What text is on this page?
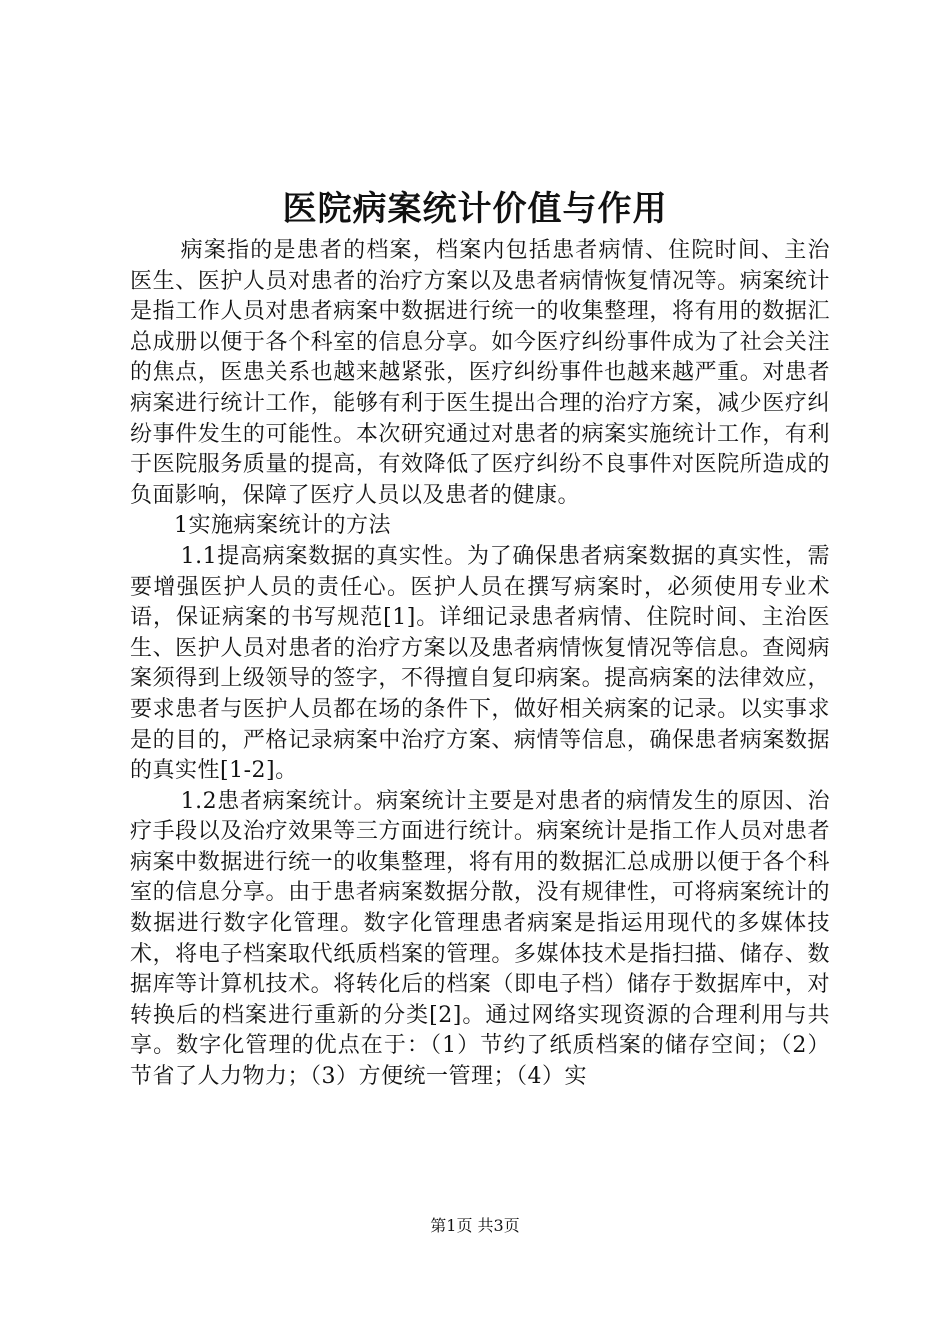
医院病案统计价值与作用

病案指的是患者的档案，档案内包括患者病情、住院时间、主治医生、医护人员对患者的治疗方案以及患者病情恢复情况等。病案统计是指工作人员对患者病案中数据进行统一的收集整理，将有用的数据汇总成册以便于各个科室的信息分享。如今医疗纠纷事件成为了社会关注的焦点，医患关系也越来越紧张，医疗纠纷事件也越来越严重。对患者病案进行统计工作，能够有利于医生提出合理的治疗方案，减少医疗纠纷事件发生的可能性。本次研究通过对患者的病案实施统计工作，有利于医院服务质量的提高，有效降低了医疗纠纷不良事件对医院所造成的负面影响，保障了医疗人员以及患者的健康。

1实施病案统计的方法

1.1提高病案数据的真实性。为了确保患者病案数据的真实性，需要增强医护人员的责任心。医护人员在撰写病案时，必须使用专业术语，保证病案的书写规范[1]。详细记录患者病情、住院时间、主治医生、医护人员对患者的治疗方案以及患者病情恢复情况等信息。查阅病案须得到上级领导的签字，不得擅自复印病案。提高病案的法律效应，要求患者与医护人员都在场的条件下，做好相关病案的记录。以实事求是的目的，严格记录病案中治疗方案、病情等信息，确保患者病案数据的真实性[1-2]。

1.2患者病案统计。病案统计主要是对患者的病情发生的原因、治疗手段以及治疗效果等三方面进行统计。病案统计是指工作人员对患者病案中数据进行统一的收集整理，将有用的数据汇总成册以便于各个科室的信息分享。由于患者病案数据分散，没有规律性，可将病案统计的数据进行数字化管理。数字化管理患者病案是指运用现代的多媒体技术，将电子档案取代纸质档案的管理。多媒体技术是指扫描、储存、数据库等计算机技术。将转化后的档案（即电子档）储存于数据库中，对转换后的档案进行重新的分类[2]。通过网络实现资源的合理利用与共享。数字化管理的优点在于：（1）节约了纸质档案的储存空间；（2）节省了人力物力；（3）方便统一管理；（4）实

第1页 共3页
